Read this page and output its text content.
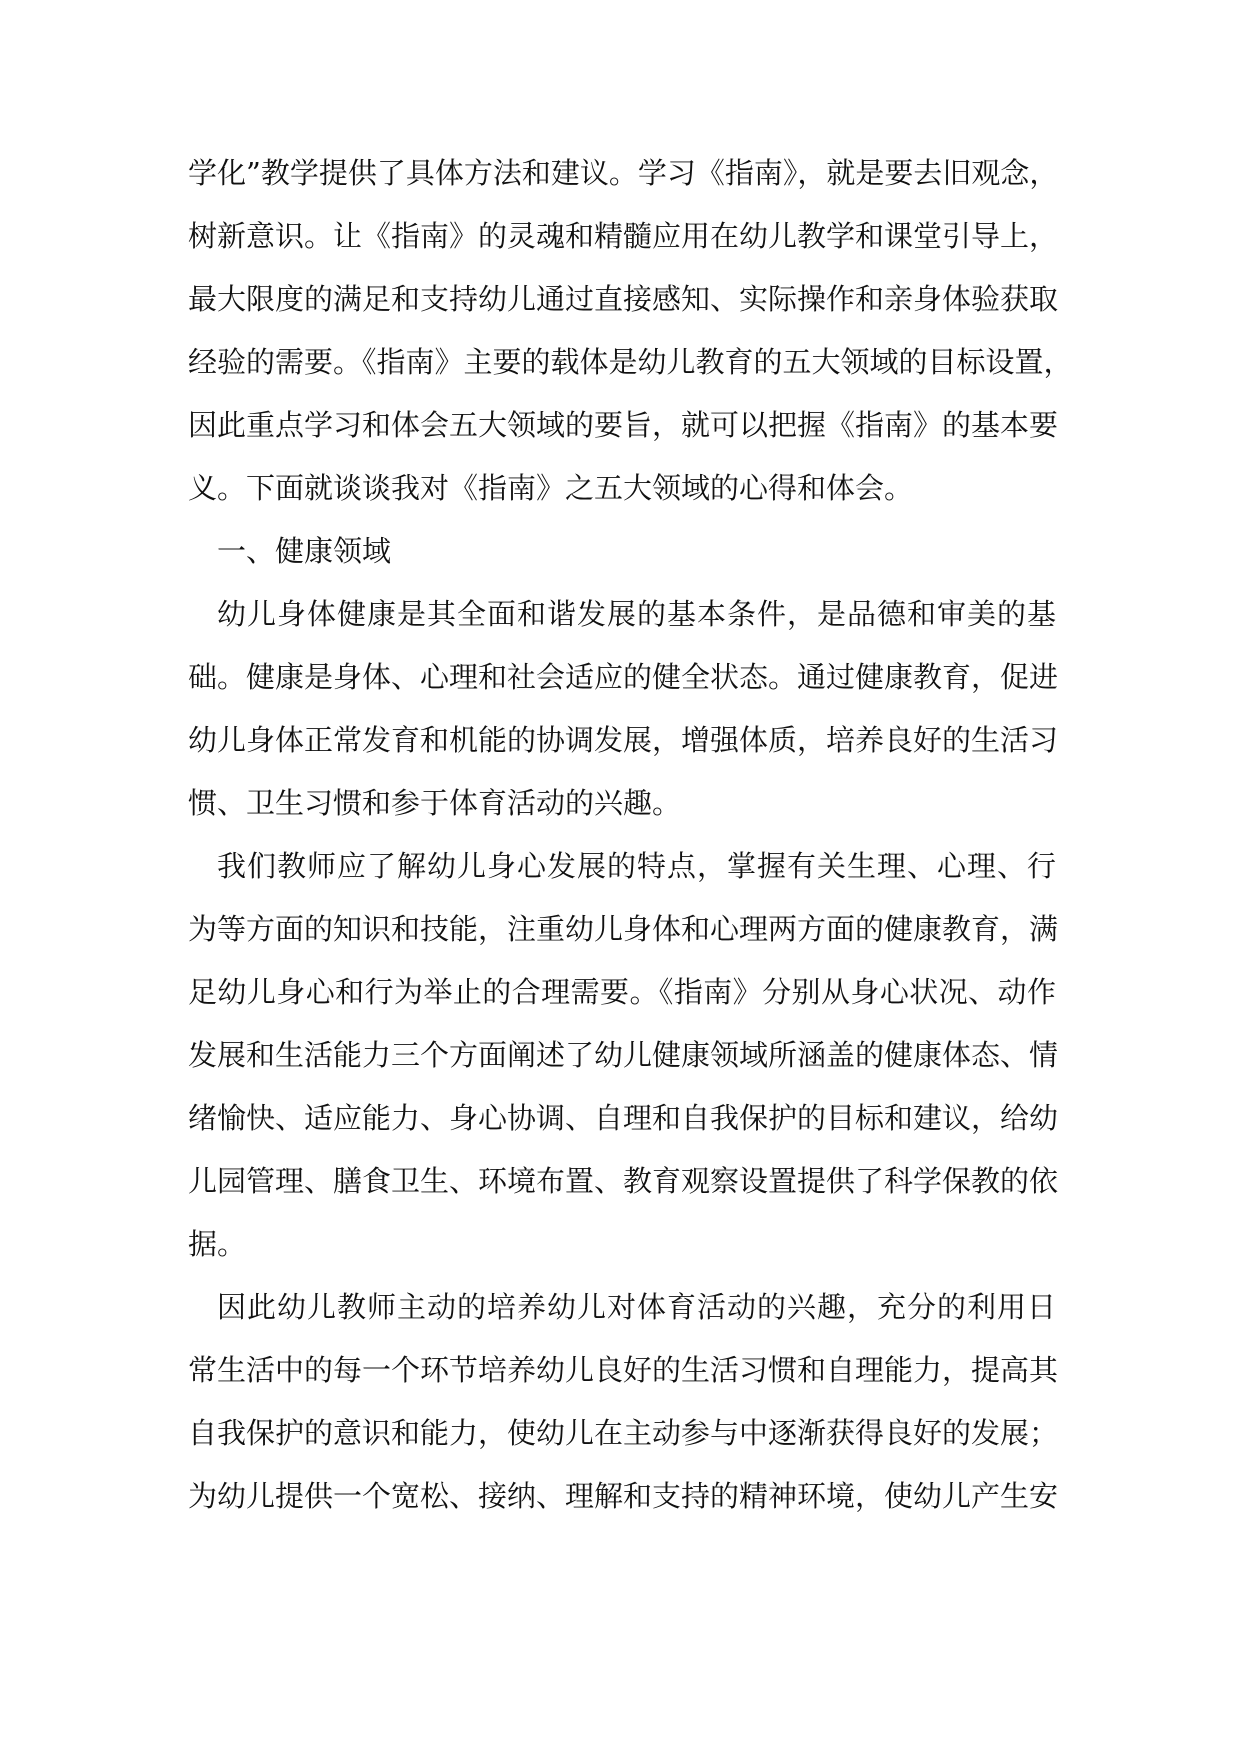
学化”教学提供了具体方法和建议。学习《指南》，就是要去旧观念，
树新意识。让《指南》的灵魂和精髓应用在幼儿教学和课堂引导上，
最大限度的满足和支持幼儿通过直接感知、实际操作和亲身体验获取
经验的需要。《指南》主要的载体是幼儿教育的五大领域的目标设置，
因此重点学习和体会五大领域的要旨，就可以把握《指南》的基本要
义。下面就谈谈我对《指南》之五大领域的心得和体会。
一、健康领域
幼儿身体健康是其全面和谐发展的基本条件，是品德和审美的基
础。健康是身体、心理和社会适应的健全状态。通过健康教育，促进
幼儿身体正常发育和机能的协调发展，增强体质，培养良好的生活习
惯、卫生习惯和参于体育活动的兴趣。
我们教师应了解幼儿身心发展的特点，掌握有关生理、心理、行
为等方面的知识和技能，注重幼儿身体和心理两方面的健康教育，满
足幼儿身心和行为举止的合理需要。《指南》分别从身心状况、动作
发展和生活能力三个方面阐述了幼儿健康领域所涵盖的健康体态、情
绪愉快、适应能力、身心协调、自理和自我保护的目标和建议，给幼
儿园管理、膳食卫生、环境布置、教育观察设置提供了科学保教的依
据。
因此幼儿教师主动的培养幼儿对体育活动的兴趣，充分的利用日
常生活中的每一个环节培养幼儿良好的生活习惯和自理能力，提高其
自我保护的意识和能力，使幼儿在主动参与中逐渐获得良好的发展；
为幼儿提供一个宽松、接纳、理解和支持的精神环境，使幼儿产生安
